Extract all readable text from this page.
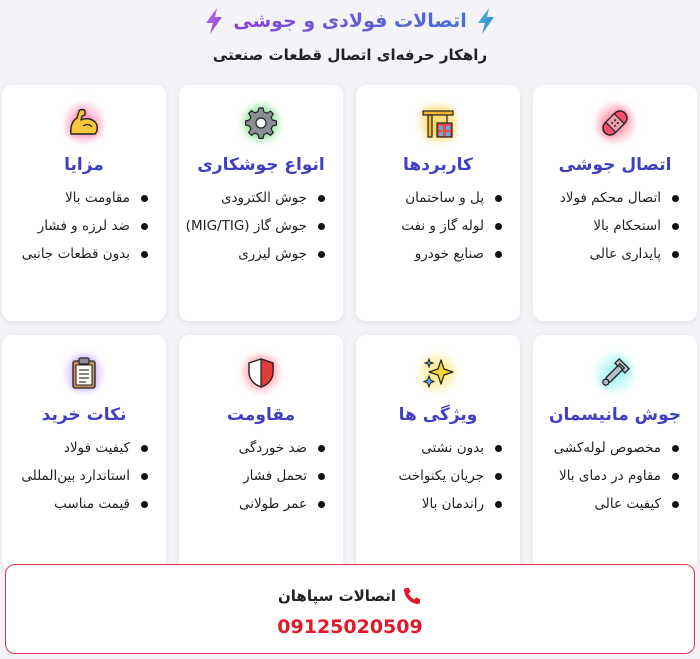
اتصالات فولادی و جوشی
راهکار حرفه‌ای اتصال قطعات صنعتی
اتصال جوشی
اتصال محکم فولاد
استحکام بالا
پایداری عالی
کاربردها
پل و ساختمان
لوله گاز و نفت
صنایع خودرو
انواع جوشکاری
جوش الکترودی
جوش گاز (MIG/TIG)
جوش لیزری
مزایا
مقاومت بالا
ضد لرزه و فشار
بدون قطعات جانبی
جوش مانیسمان
مخصوص لوله‌کشی
مقاوم در دمای بالا
کیفیت عالی
ویژگی ها
بدون نشتی
جریان یکنواخت
راندمان بالا
مقاومت
ضد خوردگی
تحمل فشار
عمر طولانی
نکات خرید
کیفیت فولاد
استاندارد بین‌المللی
قیمت مناسب
اتصالات سپاهان
09125020509
